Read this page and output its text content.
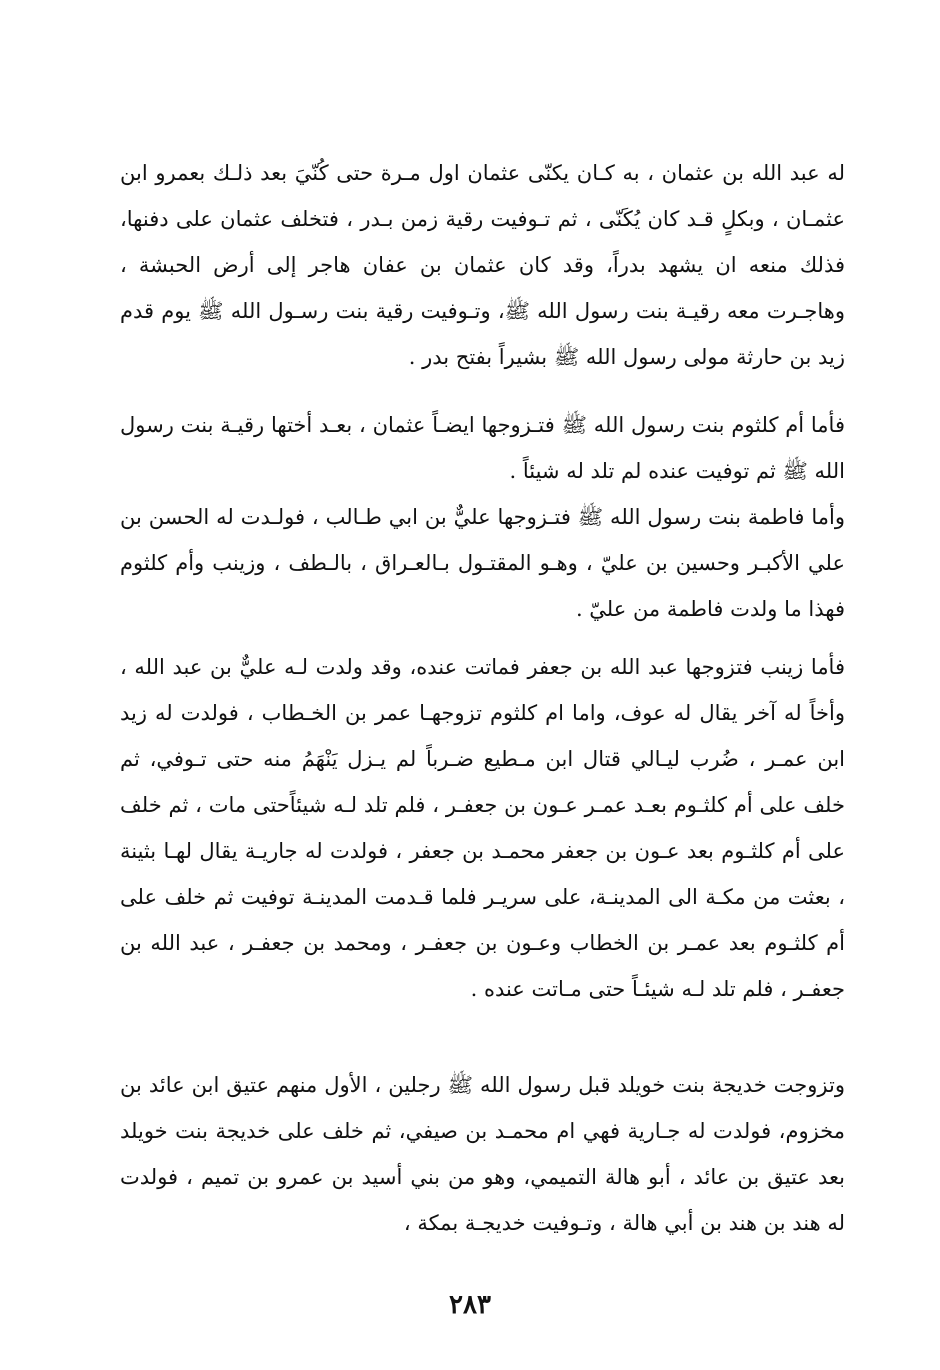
له عبد الله بن عثمان ، به كـان يكنّى عثمان اول مـرة حتى كُنّيَ بعد ذلـك بعمرو ابن عثمـان ، وبكلٍ قـد كان يُكَنّى ، ثم تـوفيت رقية زمن بـدر ، فتخلف عثمان على دفنها، فذلك منعه ان يشهد بدراً، وقد كان عثمان بن عفان هاجر إلى أرض الحبشة ، وهاجـرت معه رقيـة بنت رسول الله ﷺ، وتـوفيت رقية بنت رسـول الله ﷺ يوم قدم زيد بن حارثة مولى رسول الله ﷺ بشيراً بفتح بدر .

فأما أم كلثوم بنت رسول الله ﷺ فتـزوجها ايضـاً عثمان ، بعـد أختها رقيـة بنت رسول الله ﷺ ثم توفيت عنده لم تلد له شيئاً .

وأما فاطمة بنت رسول الله ﷺ فتـزوجها عليٌّ بن ابي طـالب ، فولـدت له الحسن بن علي الأكبـر وحسين بن عليّ ، وهـو المقتـول بـالعـراق ، بالـطف ، وزينب وأم كلثوم فهذا ما ولدت فاطمة من عليّ .

فأما زينب فتزوجها عبد الله بن جعفر فماتت عنده، وقد ولدت لـه عليٌّ بن عبد الله ، وأخاً له آخر يقال له عوف، واما ام كلثوم تزوجهـا عمر بن الخـطاب ، فولدت له زيد ابن عمـر ، ضُرب ليـالي قتال ابن مـطيع ضـرباً لم يـزل يَنْهَمُ منه حتى تـوفي، ثم خلف على أم كلثـوم بعـد عمـر عـون بن جعفـر ، فلم تلد لـه شيئاًحتى مات ، ثم خلف على أم كلثـوم بعد عـون بن جعفر محمـد بن جعفر ، فولدت له جاريـة يقال لهـا بثينة ، بعثت من مكـة الى المدينـة، على سريـر فلما قـدمت المدينـة توفيت ثم خلف على أم كلثـوم بعد عمـر بن الخطاب وعـون بن جعفـر ، ومحمد بن جعفـر ، عبد الله بن جعفـر ، فلم تلد لـه شيئـاً حتى مـاتت عنده .

وتزوجت خديجة بنت خويلد قبل رسول الله ﷺ رجلين ، الأول منهم عتيق ابن عائد بن مخزوم، فولدت له جـارية فهي ام محمـد بن صيفي، ثم خلف على خديجة بنت خويلد بعد عتيق بن عائد ، أبو هالة التميمي، وهو من بني أسيد بن عمرو بن تميم ، فولدت له هند بن هند بن أبي هالة ، وتـوفيت خديجـة بمكة ،

٢٨٣
